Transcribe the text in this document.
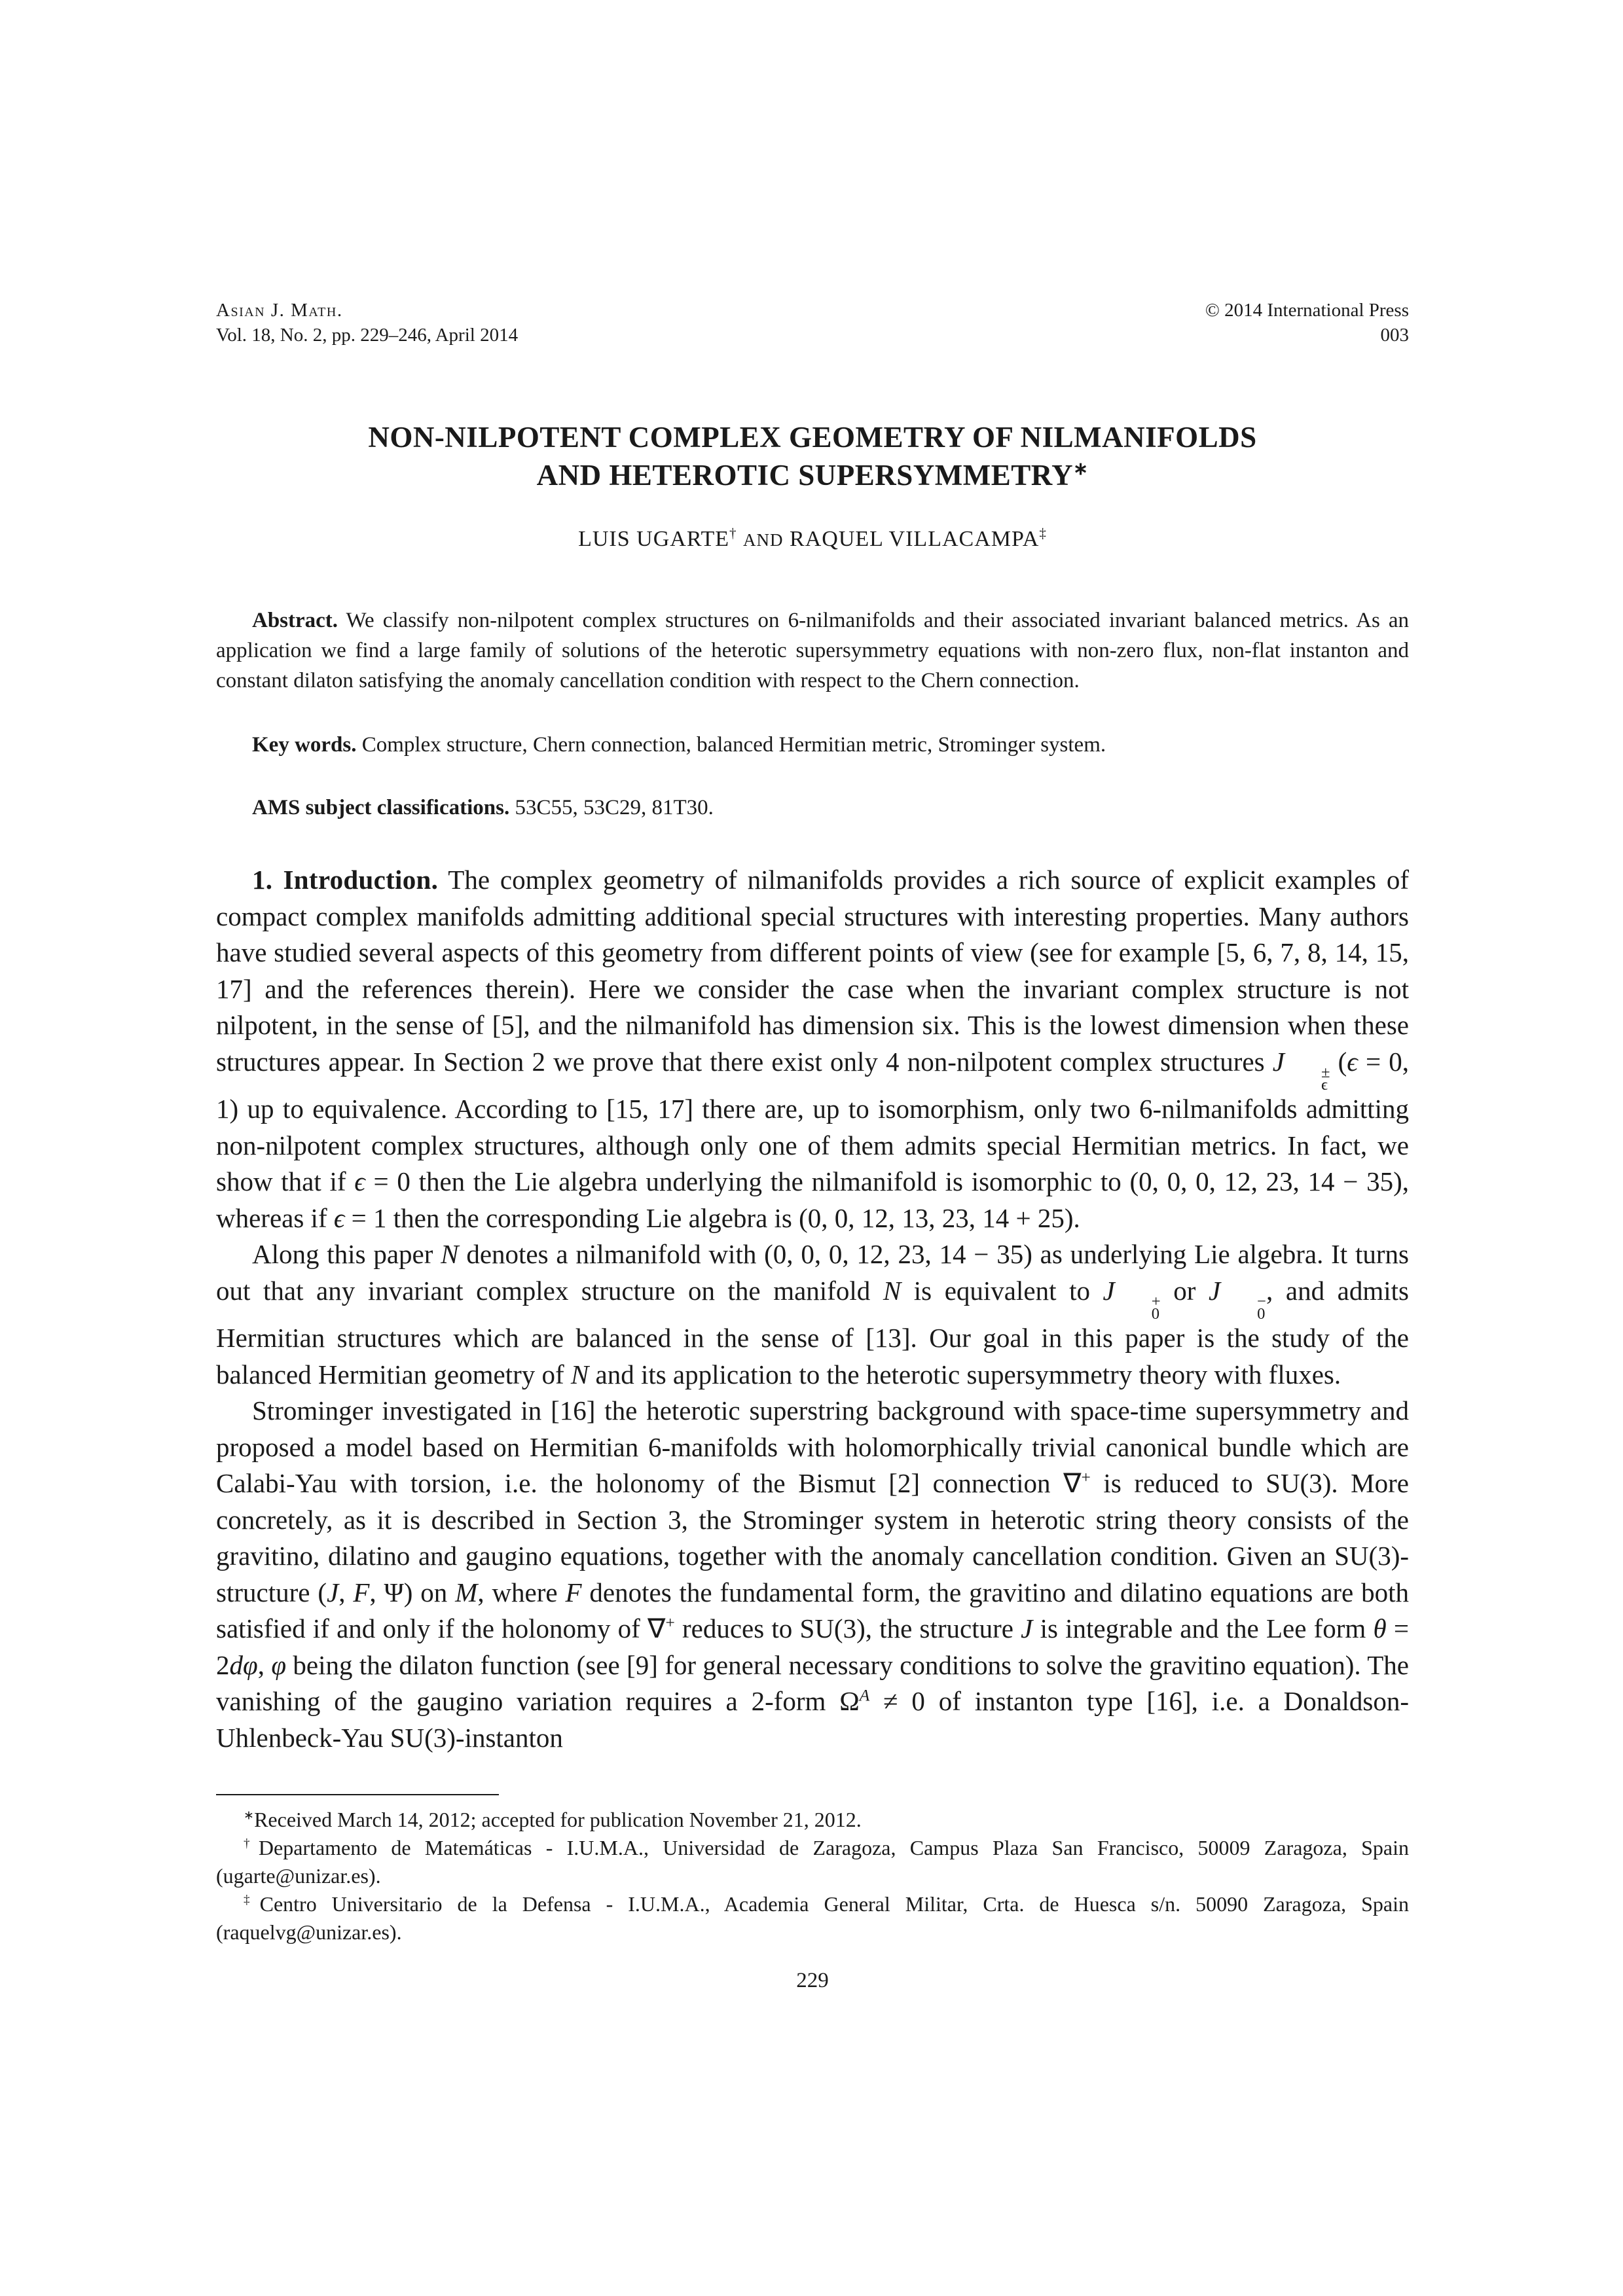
Asian J. Math.
Vol. 18, No. 2, pp. 229–246, April 2014
© 2014 International Press
003
NON-NILPOTENT COMPLEX GEOMETRY OF NILMANIFOLDS
AND HETEROTIC SUPERSYMMETRY∗
LUIS UGARTE† AND RAQUEL VILLACAMPA‡

Abstract. We classify non-nilpotent complex structures on 6-nilmanifolds and their associated invariant balanced metrics. As an application we find a large family of solutions of the heterotic supersymmetry equations with non-zero flux, non-flat instanton and constant dilaton satisfying the anomaly cancellation condition with respect to the Chern connection.

Key words. Complex structure, Chern connection, balanced Hermitian metric, Strominger system.

AMS subject classifications. 53C55, 53C29, 81T30.

1. Introduction. The complex geometry of nilmanifolds provides a rich source of explicit examples of compact complex manifolds admitting additional special structures with interesting properties. Many authors have studied several aspects of this geometry from different points of view (see for example [5, 6, 7, 8, 14, 15, 17] and the references therein). Here we consider the case when the invariant complex structure is not nilpotent, in the sense of [5], and the nilmanifold has dimension six. This is the lowest dimension when these structures appear. In Section 2 we prove that there exist only 4 non-nilpotent complex structures J	±
ϵ
(ϵ = 0, 1) up to equivalence. According to [15, 17] there are, up to isomorphism, only two 6-nilmanifolds admitting non-nilpotent complex structures, although only one of them admits special Hermitian metrics. In fact, we show that if ϵ = 0 then the Lie algebra underlying the nilmanifold is isomorphic to (0, 0, 0, 12, 23, 14 − 35), whereas if ϵ = 1 then the corresponding Lie algebra is (0, 0, 12, 13, 23, 14 + 25).

Along this paper N denotes a nilmanifold with (0, 0, 0, 12, 23, 14 − 35) as underlying Lie algebra. It turns out that any invariant complex structure on the manifold N is equivalent to J	+
0
or J	−
0
, and admits Hermitian structures which are balanced in the sense of [13]. Our goal in this paper is the study of the balanced Hermitian geometry of N and its application to the heterotic supersymmetry theory with fluxes.

Strominger investigated in [16] the heterotic superstring background with space-time supersymmetry and proposed a model based on Hermitian 6-manifolds with holomorphically trivial canonical bundle which are Calabi-Yau with torsion, i.e. the holonomy of the Bismut [2] connection ∇+ is reduced to SU(3). More concretely, as it is described in Section 3, the Strominger system in heterotic string theory consists of the gravitino, dilatino and gaugino equations, together with the anomaly cancellation condition. Given an SU(3)-structure (J, F, Ψ) on M, where F denotes the fundamental form, the gravitino and dilatino equations are both satisfied if and only if the holonomy of ∇+ reduces to SU(3), the structure J is integrable and the Lee form θ = 2dφ, φ being the dilaton function (see [9] for general necessary conditions to solve the gravitino equation). The vanishing of the gaugino variation requires a 2-form $\Omega^A \ne 0$ of instanton type [16], i.e. a Donaldson-Uhlenbeck-Yau SU(3)-instanton

∗Received March 14, 2012; accepted for publication November 21, 2012.

†Departamento de Matemáticas - I.U.M.A., Universidad de Zaragoza, Campus Plaza San Francisco, 50009 Zaragoza, Spain (ugarte@unizar.es).

‡Centro Universitario de la Defensa - I.U.M.A., Academia General Militar, Crta. de Huesca s/n. 50090 Zaragoza, Spain (raquelvg@unizar.es).

229
